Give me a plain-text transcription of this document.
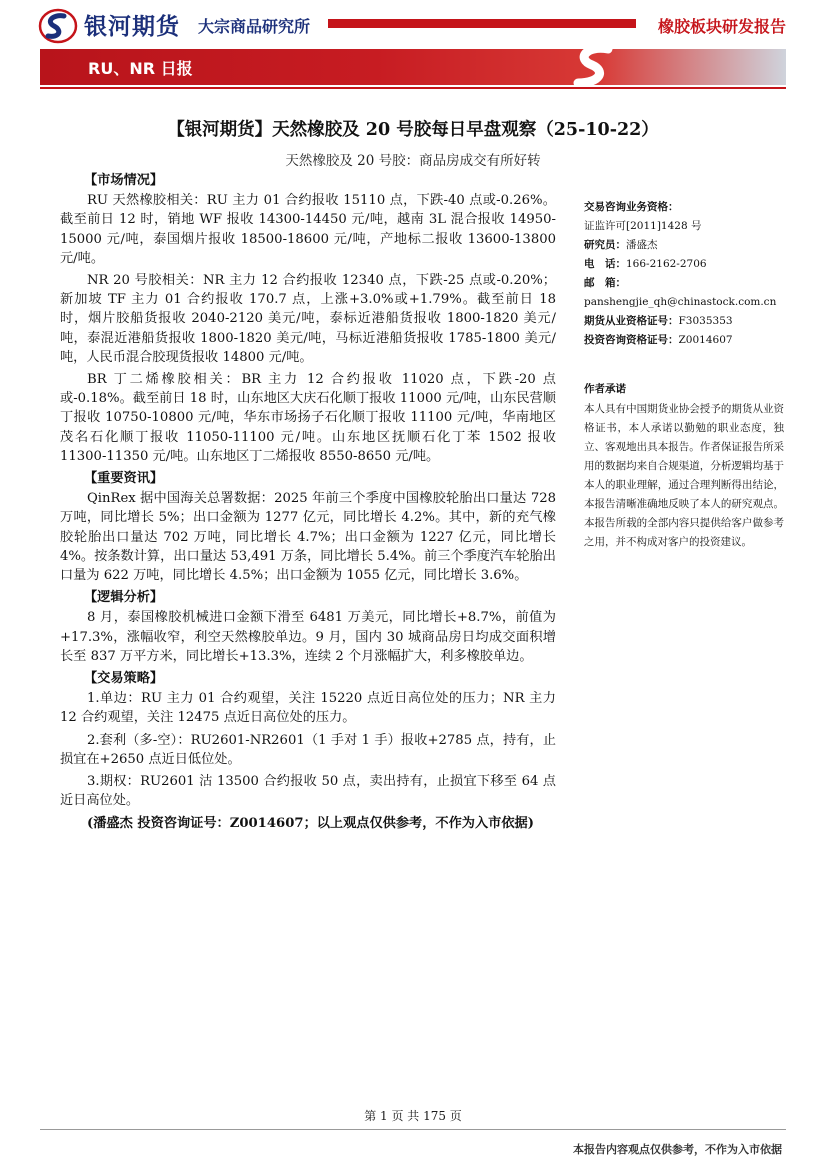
银河期货 大宗商品研究所	橡胶板块研发报告
RU、NR 日报
【银河期货】天然橡胶及 20 号胶每日早盘观察（25-10-22）
天然橡胶及 20 号胶：商品房成交有所好转
【市场情况】

RU 天然橡胶相关：RU 主力 01 合约报收 15110 点，下跌-40 点或-0.26%。截至前日 12 时，销地 WF 报收 14300-14450 元/吨，越南 3L 混合报收 14950-15000 元/吨，泰国烟片报收 18500-18600 元/吨，产地标二报收 13600-13800 元/吨。

NR 20 号胶相关：NR 主力 12 合约报收 12340 点，下跌-25 点或-0.20%；新加坡 TF 主力 01 合约报收 170.7 点，上涨+3.0%或+1.79%。截至前日 18 时，烟片胶船货报收 2040-2120 美元/吨，泰标近港船货报收 1800-1820 美元/吨，泰混近港船货报收 1800-1820 美元/吨，马标近港船货报收 1785-1800 美元/吨，人民币混合胶现货报收 14800 元/吨。

BR 丁二烯橡胶相关：BR 主力 12 合约报收 11020 点，下跌-20 点或-0.18%。截至前日 18 时，山东地区大庆石化顺丁报收 11000 元/吨，山东民营顺丁报收 10750-10800 元/吨，华东市场扬子石化顺丁报收 11100 元/吨，华南地区茂名石化顺丁报收 11050-11100 元/吨。山东地区抚顺石化丁苯 1502 报收 11300-11350 元/吨。山东地区丁二烯报收 8550-8650 元/吨。

【重要资讯】

QinRex 据中国海关总署数据：2025 年前三个季度中国橡胶轮胎出口量达 728 万吨，同比增长 5%；出口金额为 1277 亿元，同比增长 4.2%。其中，新的充气橡胶轮胎出口量达 702 万吨，同比增长 4.7%；出口金额为 1227 亿元，同比增长 4%。按条数计算，出口量达 53,491 万条，同比增长 5.4%。前三个季度汽车轮胎出口量为 622 万吨，同比增长 4.5%；出口金额为 1055 亿元，同比增长 3.6%。

【逻辑分析】

8 月，泰国橡胶机械进口金额下滑至 6481 万美元，同比增长+8.7%，前值为+17.3%，涨幅收窄，利空天然橡胶单边。9 月，国内 30 城商品房日均成交面积增长至 837 万平方米，同比增长+13.3%，连续 2 个月涨幅扩大，利多橡胶单边。

【交易策略】

1.单边：RU 主力 01 合约观望，关注 15220 点近日高位处的压力；NR 主力 12 合约观望，关注 12475 点近日高位处的压力。

2.套利（多-空）：RU2601-NR2601（1 手对 1 手）报收+2785 点，持有，止损宜在+2650 点近日低位处。

3.期权：RU2601 沽 13500 合约报收 50 点，卖出持有，止损宜下移至 64 点近日高位处。

(潘盛杰 投资咨询证号：Z0014607；以上观点仅供参考，不作为入市依据)

交易咨询业务资格：
证监许可[2011]1428 号
研究员：潘盛杰
电　话：166-2162-2706
邮　箱：
panshengjie_qh@chinastock.com.cn
期货从业资格证号：F3035353
投资咨询资格证号：Z0014607
作者承诺
本人具有中国期货业协会授予的期货从业资格证书，本人承诺以勤勉的职业态度，独立、客观地出具本报告。作者保证报告所采用的数据均来自合规渠道，分析逻辑均基于本人的职业理解，通过合理判断得出结论，本报告清晰准确地反映了本人的研究观点。本报告所载的全部内容只提供给客户做参考之用，并不构成对客户的投资建议。
第 1 页 共 175 页
本报告内容观点仅供参考，不作为入市依据
